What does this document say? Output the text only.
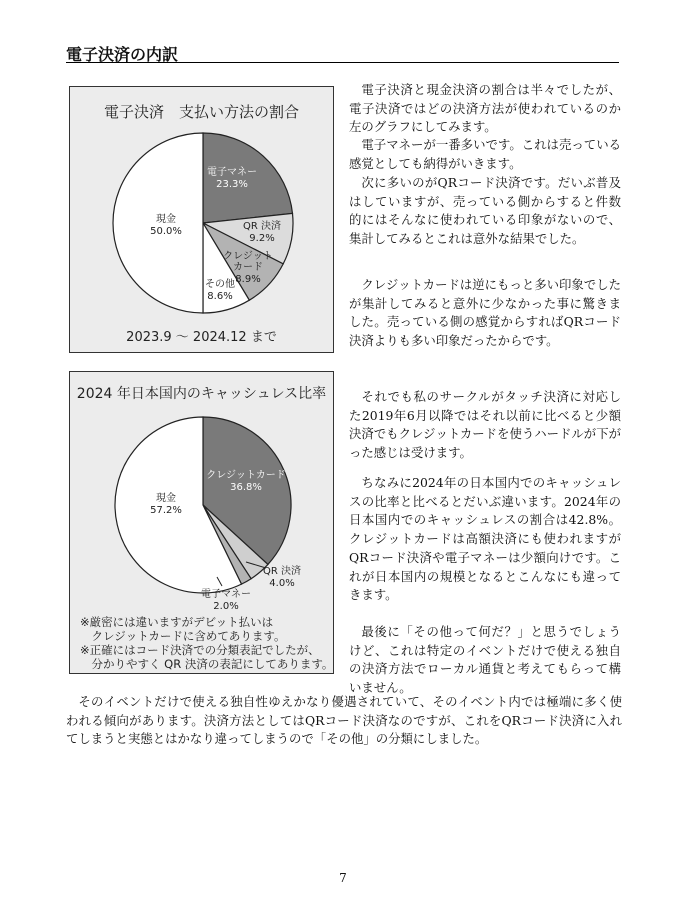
電子決済の内訳
電子決済　支払い方法の割合
電子マネー 23.3%
QR 決済 9.2%
クレジットカード 8.9%
その他 8.6%
現金 50.0%
2023.9 ～ 2024.12 まで
2024 年日本国内のキャッシュレス比率
クレジットカード 36.8%
QR 決済 4.0%
電子マネー 2.0%
現金 57.2%
※厳密には違いますがデビット払いは
　クレジットカードに含めてあります。
※正確にはコード決済での分類表記でしたが、
　分かりやすく QR 決済の表記にしてあります。

電子決済と現金決済の割合は半々でしたが、電子決済ではどの決済方法が使われているのか左のグラフにしてみます。

電子マネーが一番多いです。これは売っている感覚としても納得がいきます。

次に多いのがQRコード決済です。だいぶ普及はしていますが、売っている側からすると件数的にはそんなに使われている印象がないので、集計してみるとこれは意外な結果でした。

クレジットカードは逆にもっと多い印象でしたが集計してみると意外に少なかった事に驚きました。売っている側の感覚からすればQRコード決済よりも多い印象だったからです。

それでも私のサークルがタッチ決済に対応した2019年6月以降ではそれ以前に比べると少額決済でもクレジットカードを使うハードルが下がった感じは受けます。

ちなみに2024年の日本国内でのキャッシュレスの比率と比べるとだいぶ違います。2024年の日本国内でのキャッシュレスの割合は42.8%。クレジットカードは高額決済にも使われますがQRコード決済や電子マネーは少額向けです。これが日本国内の規模となるとこんなにも違ってきます。

最後に「その他って何だ？」と思うでしょうけど、これは特定のイベントだけで使える独自の決済方法でローカル通貨と考えてもらって構いません。

そのイベントだけで使える独自性ゆえかなり優遇されていて、そのイベント内では極端に多く使われる傾向があります。決済方法としてはQRコード決済なのですが、これをQRコード決済に入れてしまうと実態とはかなり違ってしまうので「その他」の分類にしました。

7
